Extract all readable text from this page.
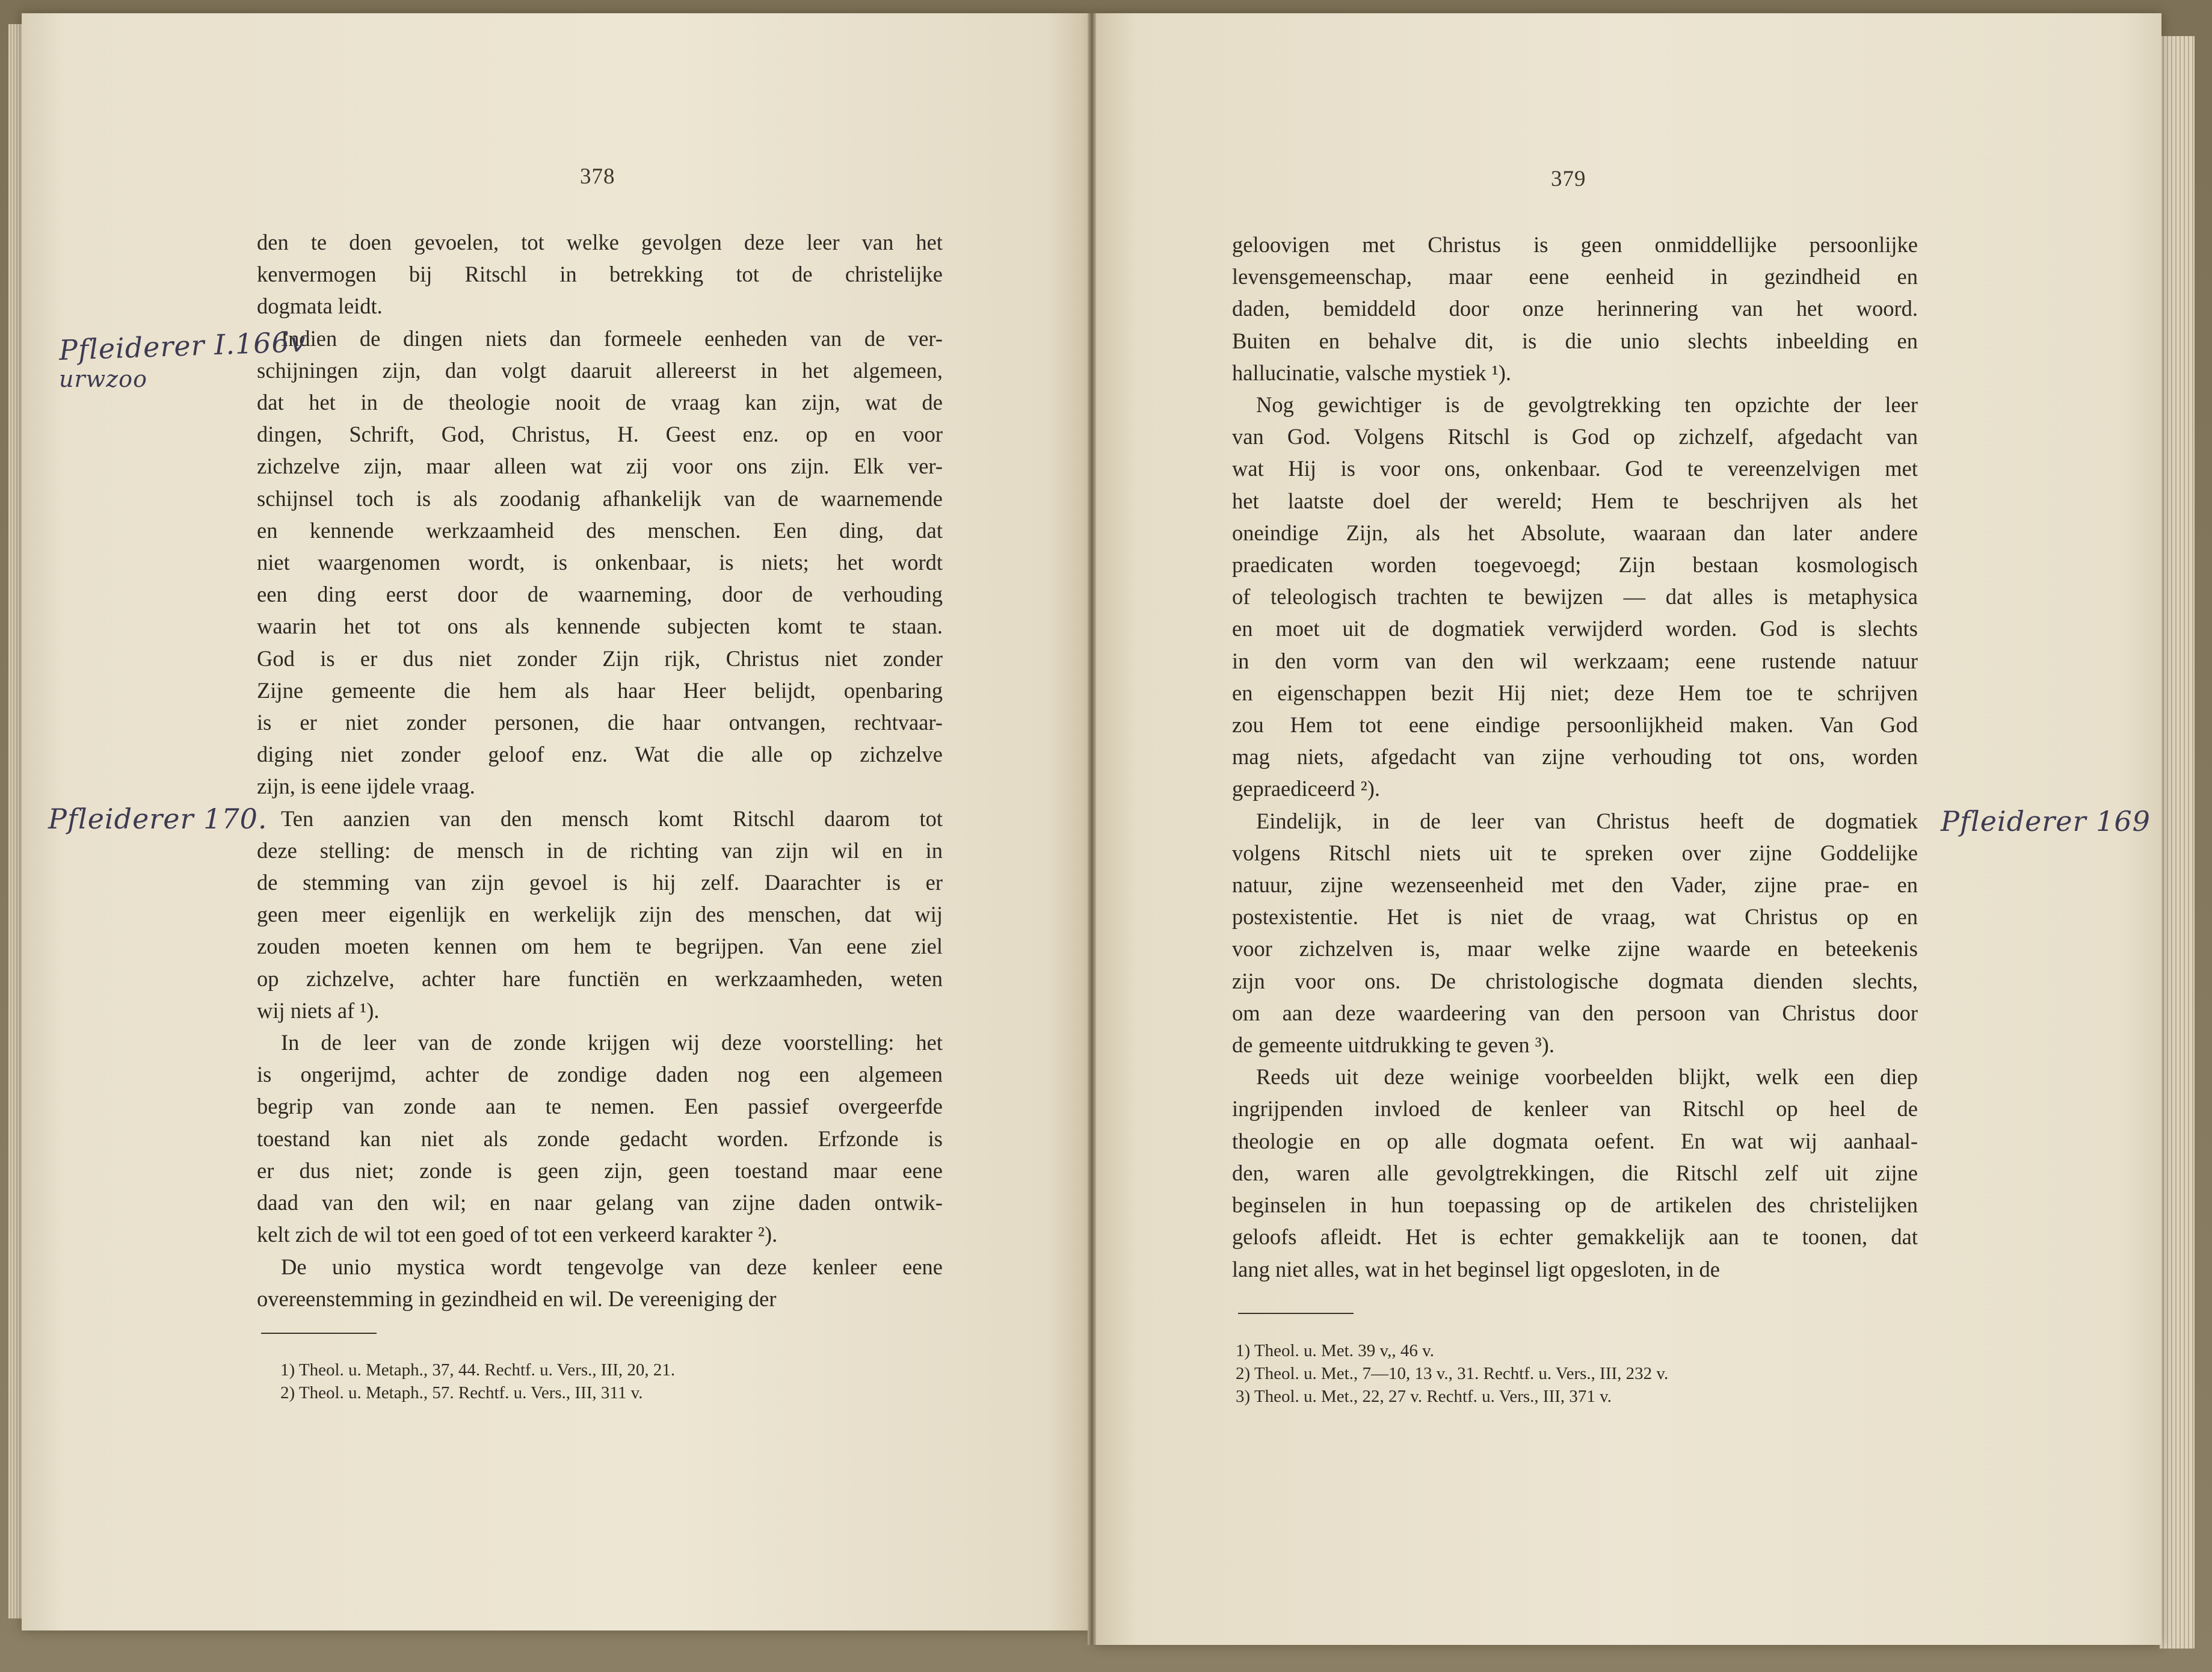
378

den te doen gevoelen, tot welke gevolgen deze leer van het

kenvermogen bij Ritschl in betrekking tot de christelijke

dogmata leidt.

Indien de dingen niets dan formeele eenheden van de ver-

schijningen zijn, dan volgt daaruit allereerst in het algemeen,

dat het in de theologie nooit de vraag kan zijn, wat de

dingen, Schrift, God, Christus, H. Geest enz. op en voor

zichzelve zijn, maar alleen wat zij voor ons zijn. Elk ver-

schijnsel toch is als zoodanig afhankelijk van de waarnemende

en kennende werkzaamheid des menschen. Een ding, dat

niet waargenomen wordt, is onkenbaar, is niets; het wordt

een ding eerst door de waarneming, door de verhouding

waarin het tot ons als kennende subjecten komt te staan.

God is er dus niet zonder Zijn rijk, Christus niet zonder

Zijne gemeente die hem als haar Heer belijdt, openbaring

is er niet zonder personen, die haar ontvangen, rechtvaar-

diging niet zonder geloof enz. Wat die alle op zichzelve

zijn, is eene ijdele vraag.

Ten aanzien van den mensch komt Ritschl daarom tot

deze stelling: de mensch in de richting van zijn wil en in

de stemming van zijn gevoel is hij zelf. Daarachter is er

geen meer eigenlijk en werkelijk zijn des menschen, dat wij

zouden moeten kennen om hem te begrijpen. Van eene ziel

op zichzelve, achter hare functiën en werkzaamheden, weten

wij niets af ¹).

In de leer van de zonde krijgen wij deze voorstelling: het

is ongerijmd, achter de zondige daden nog een algemeen

begrip van zonde aan te nemen. Een passief overgeerfde

toestand kan niet als zonde gedacht worden. Erfzonde is

er dus niet; zonde is geen zijn, geen toestand maar eene

daad van den wil; en naar gelang van zijne daden ontwik-

kelt zich de wil tot een goed of tot een verkeerd karakter ²).

De unio mystica wordt tengevolge van deze kenleer eene

overeenstemming in gezindheid en wil. De vereeniging der

1) Theol. u. Metaph., 37, 44. Rechtf. u. Vers., III, 20, 21.
2) Theol. u. Metaph., 57. Rechtf. u. Vers., III, 311 v.
Pfleiderer I.166v
urwzoo
Pfleiderer 170.
379

geloovigen met Christus is geen onmiddellijke persoonlijke

levensgemeenschap, maar eene eenheid in gezindheid en

daden, bemiddeld door onze herinnering van het woord.

Buiten en behalve dit, is die unio slechts inbeelding en

hallucinatie, valsche mystiek ¹).

Nog gewichtiger is de gevolgtrekking ten opzichte der leer

van God. Volgens Ritschl is God op zichzelf, afgedacht van

wat Hij is voor ons, onkenbaar. God te vereenzelvigen met

het laatste doel der wereld; Hem te beschrijven als het

oneindige Zijn, als het Absolute, waaraan dan later andere

praedicaten worden toegevoegd; Zijn bestaan kosmologisch

of teleologisch trachten te bewijzen — dat alles is metaphysica

en moet uit de dogmatiek verwijderd worden. God is slechts

in den vorm van den wil werkzaam; eene rustende natuur

en eigenschappen bezit Hij niet; deze Hem toe te schrijven

zou Hem tot eene eindige persoonlijkheid maken. Van God

mag niets, afgedacht van zijne verhouding tot ons, worden

gepraediceerd ²).

Eindelijk, in de leer van Christus heeft de dogmatiek

volgens Ritschl niets uit te spreken over zijne Goddelijke

natuur, zijne wezenseenheid met den Vader, zijne prae- en

postexistentie. Het is niet de vraag, wat Christus op en

voor zichzelven is, maar welke zijne waarde en beteekenis

zijn voor ons. De christologische dogmata dienden slechts,

om aan deze waardeering van den persoon van Christus door

de gemeente uitdrukking te geven ³).

Reeds uit deze weinige voorbeelden blijkt, welk een diep

ingrijpenden invloed de kenleer van Ritschl op heel de

theologie en op alle dogmata oefent. En wat wij aanhaal-

den, waren alle gevolgtrekkingen, die Ritschl zelf uit zijne

beginselen in hun toepassing op de artikelen des christelijken

geloofs afleidt. Het is echter gemakkelijk aan te toonen, dat

lang niet alles, wat in het beginsel ligt opgesloten, in de

1) Theol. u. Met. 39 v,, 46 v.
2) Theol. u. Met., 7—10, 13 v., 31. Rechtf. u. Vers., III, 232 v.
3) Theol. u. Met., 22, 27 v. Rechtf. u. Vers., III, 371 v.
Pfleiderer 169
